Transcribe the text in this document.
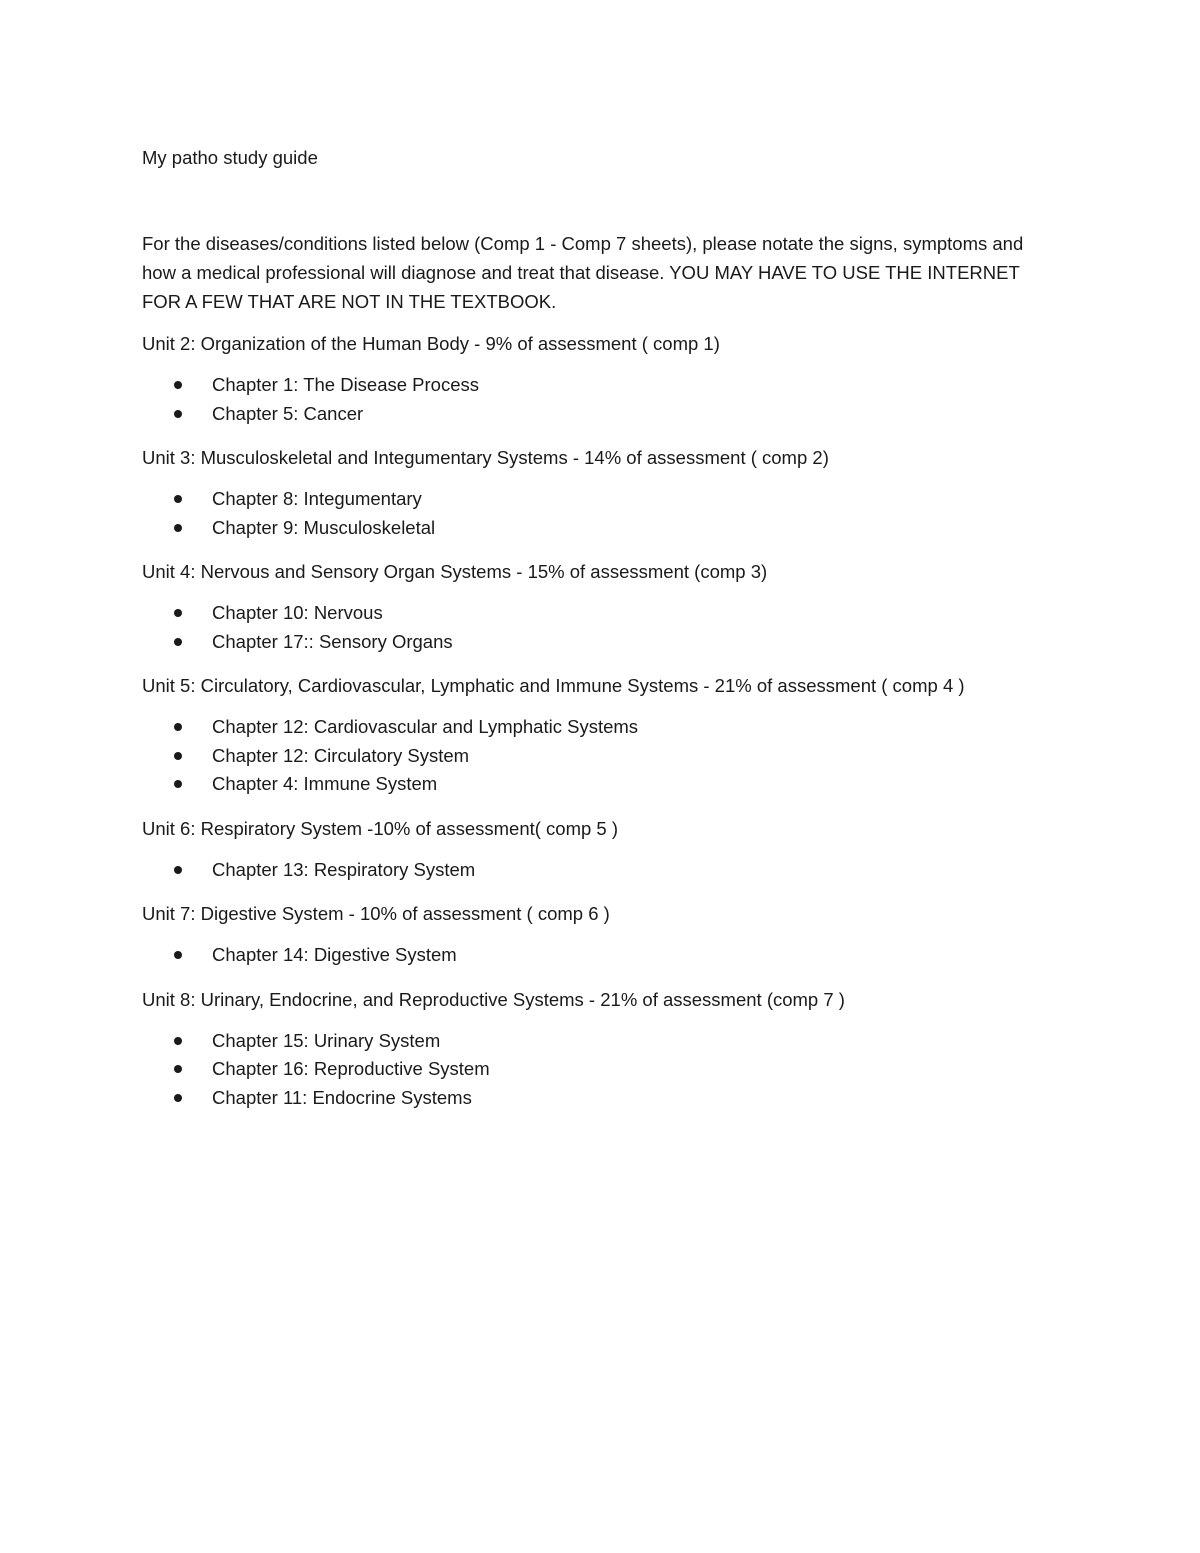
My patho study guide
For the diseases/conditions listed below (Comp 1 - Comp 7 sheets), please notate the signs, symptoms and how a medical professional will diagnose and treat that disease. YOU MAY HAVE TO USE THE INTERNET FOR A FEW THAT ARE NOT IN THE TEXTBOOK.
Unit 2: Organization of the Human Body - 9% of assessment ( comp 1)
Chapter 1: The Disease Process
Chapter 5: Cancer
Unit 3: Musculoskeletal and Integumentary Systems - 14% of assessment ( comp 2)
Chapter 8: Integumentary
Chapter 9: Musculoskeletal
Unit 4: Nervous and Sensory Organ Systems - 15% of assessment (comp 3)
Chapter 10: Nervous
Chapter 17:: Sensory Organs
Unit 5: Circulatory, Cardiovascular, Lymphatic and Immune Systems - 21% of assessment ( comp 4 )
Chapter 12: Cardiovascular and Lymphatic Systems
Chapter 12: Circulatory System
Chapter 4: Immune System
Unit 6: Respiratory System -10% of assessment( comp 5 )
Chapter 13: Respiratory System
Unit 7: Digestive System - 10% of assessment ( comp 6 )
Chapter 14: Digestive System
Unit 8: Urinary, Endocrine, and Reproductive Systems - 21% of assessment (comp 7 )
Chapter 15: Urinary System
Chapter 16: Reproductive System
Chapter 11: Endocrine Systems
